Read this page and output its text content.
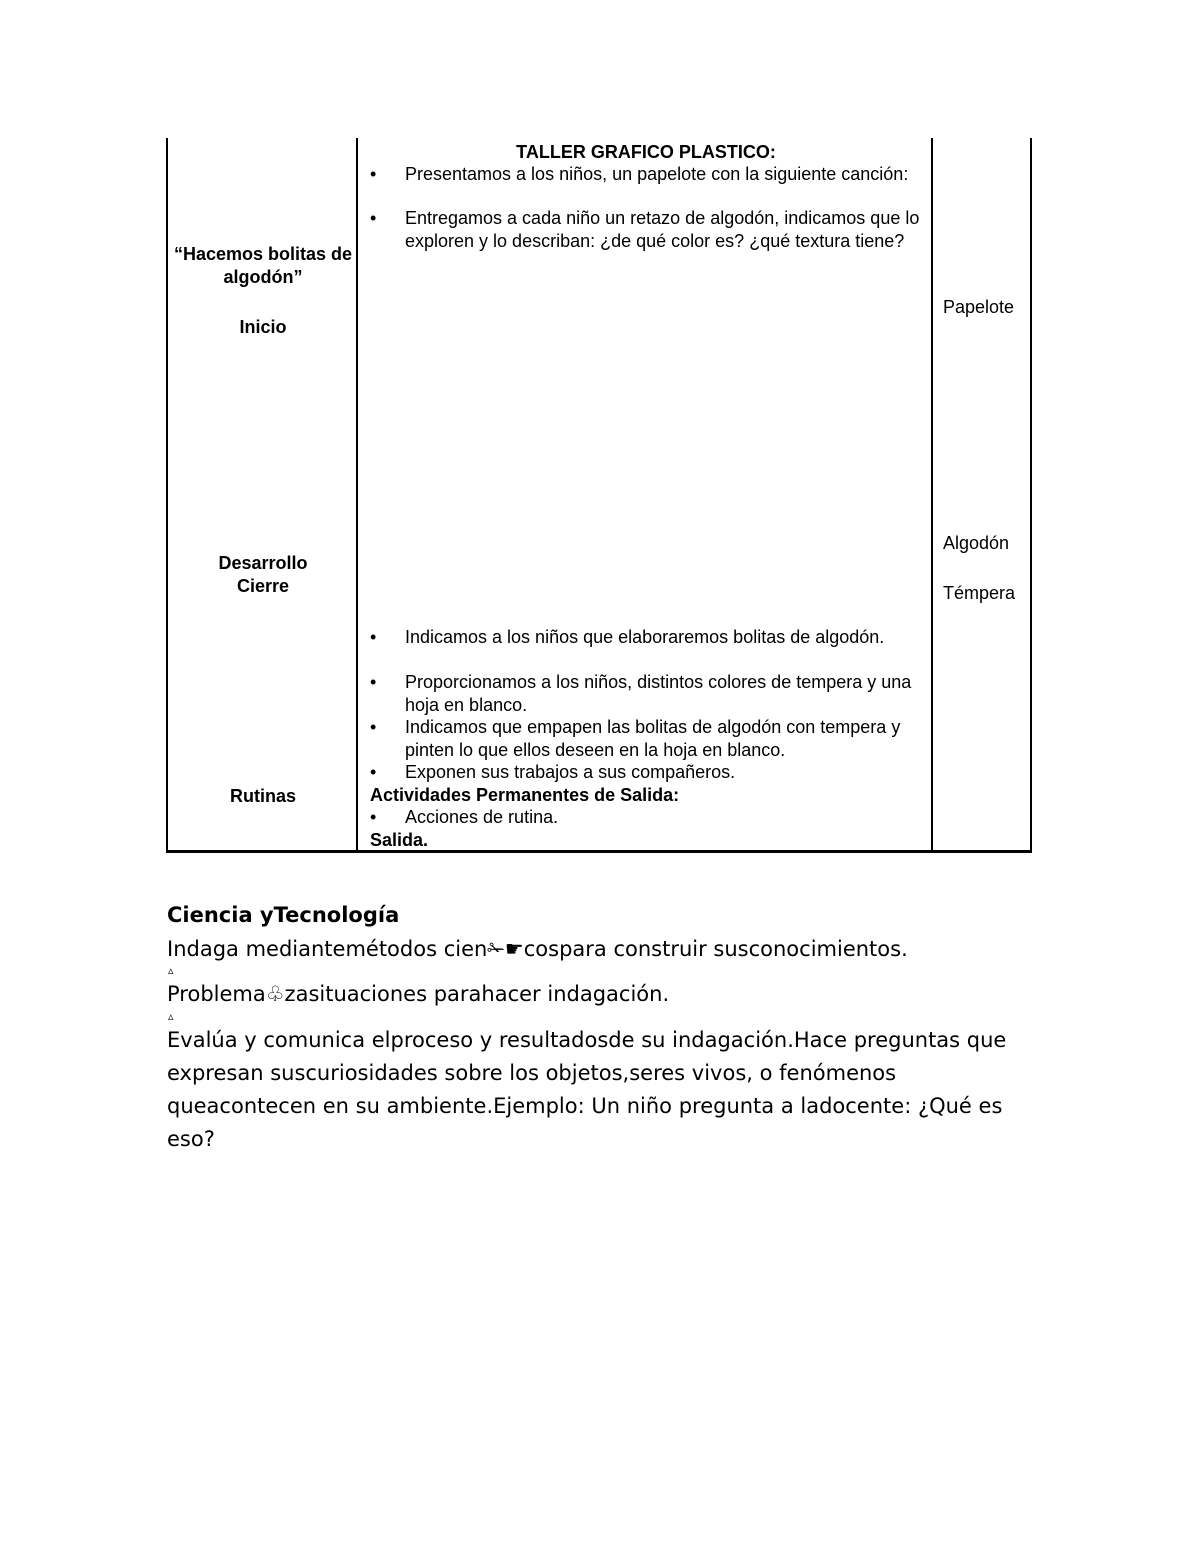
“Hacemos bolitas de algodón”
Inicio
Desarrollo
Cierre
Rutinas
TALLER GRAFICO PLASTICO:
• Presentamos a los niños, un papelote con la siguiente canción:
• Entregamos a cada niño un retazo de algodón, indicamos que lo exploren y lo describan: ¿de qué color es? ¿qué textura tiene?
• Indicamos a los niños que elaboraremos bolitas de algodón.
• Proporcionamos a los niños, distintos colores de tempera y una hoja en blanco.
• Indicamos que empapen las bolitas de algodón con tempera y pinten lo que ellos deseen en la hoja en blanco.
• Exponen sus trabajos a sus compañeros.
Actividades Permanentes de Salida:
• Acciones de rutina.
Salida.
Papelote
Algodón
Témpera
Ciencia yTecnología
Indaga mediantemétodos cien✁☛cospara construir susconocimientos.
▵
Problema♧zasituaciones parahacer indagación.
▵
Evalúa y comunica elproceso y resultadosde su indagación.Hace preguntas que expresan suscuriosidades sobre los objetos,seres vivos, o fenómenos queacontecen en su ambiente.Ejemplo: Un niño pregunta a ladocente: ¿Qué es eso?
